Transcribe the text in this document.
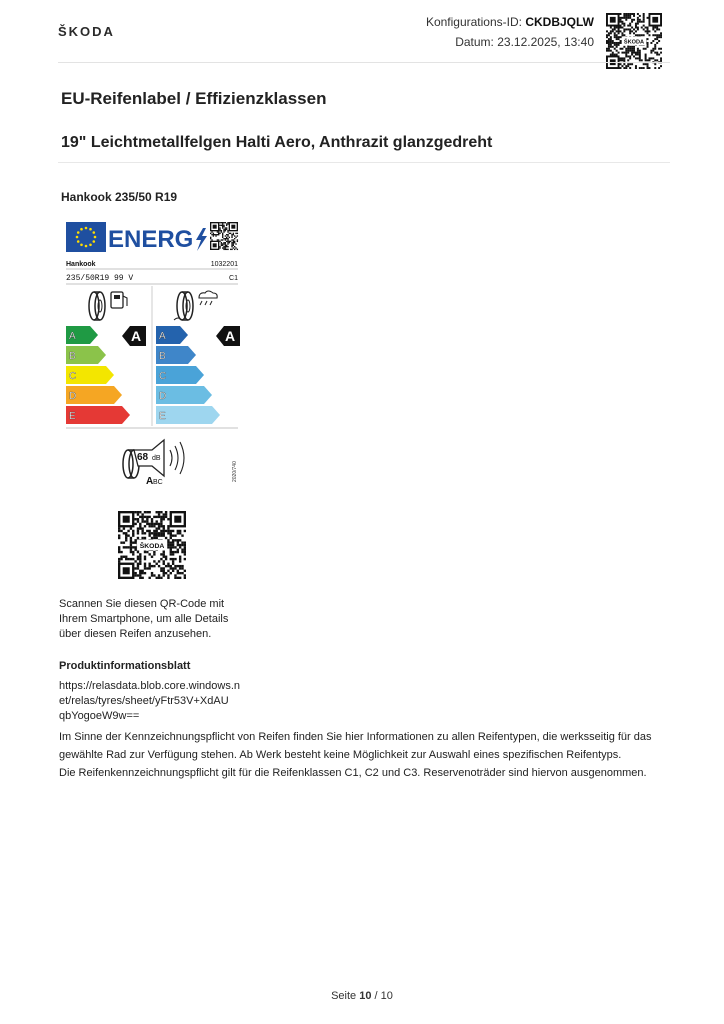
ŠKODA
Konfigurations-ID: CKDBJQLW
Datum: 23.12.2025, 13:40	ŠKODA
EU-Reifenlabel / Effizienzklassen
19" Leichtmetallfelgen Halti Aero, Anthrazit glanzgedreht
Hankook 235/50 R19
ENERG
Hankook	1032201
235/50R19 99 V	C1
A
B
C
D
E
A
B
C
D
E
A	A
68 dB
A BC
2020/740
ŠKODA
Scannen Sie diesen QR-Code mit
Ihrem Smartphone, um alle Details
über diesen Reifen anzusehen.
Produktinformationsblatt
https://relasdata.blob.core.windows.n
et/relas/tyres/sheet/yFtr53V+XdAU
qbYogoeW9w==
Im Sinne der Kennzeichnungspflicht von Reifen finden Sie hier Informationen zu allen Reifentypen, die werksseitig für das
gewählte Rad zur Verfügung stehen. Ab Werk besteht keine Möglichkeit zur Auswahl eines spezifischen Reifentyps.
Die Reifenkennzeichnungspflicht gilt für die Reifenklassen C1, C2 und C3. Reservenoträder sind hiervon ausgenommen.
Seite 10 / 10
